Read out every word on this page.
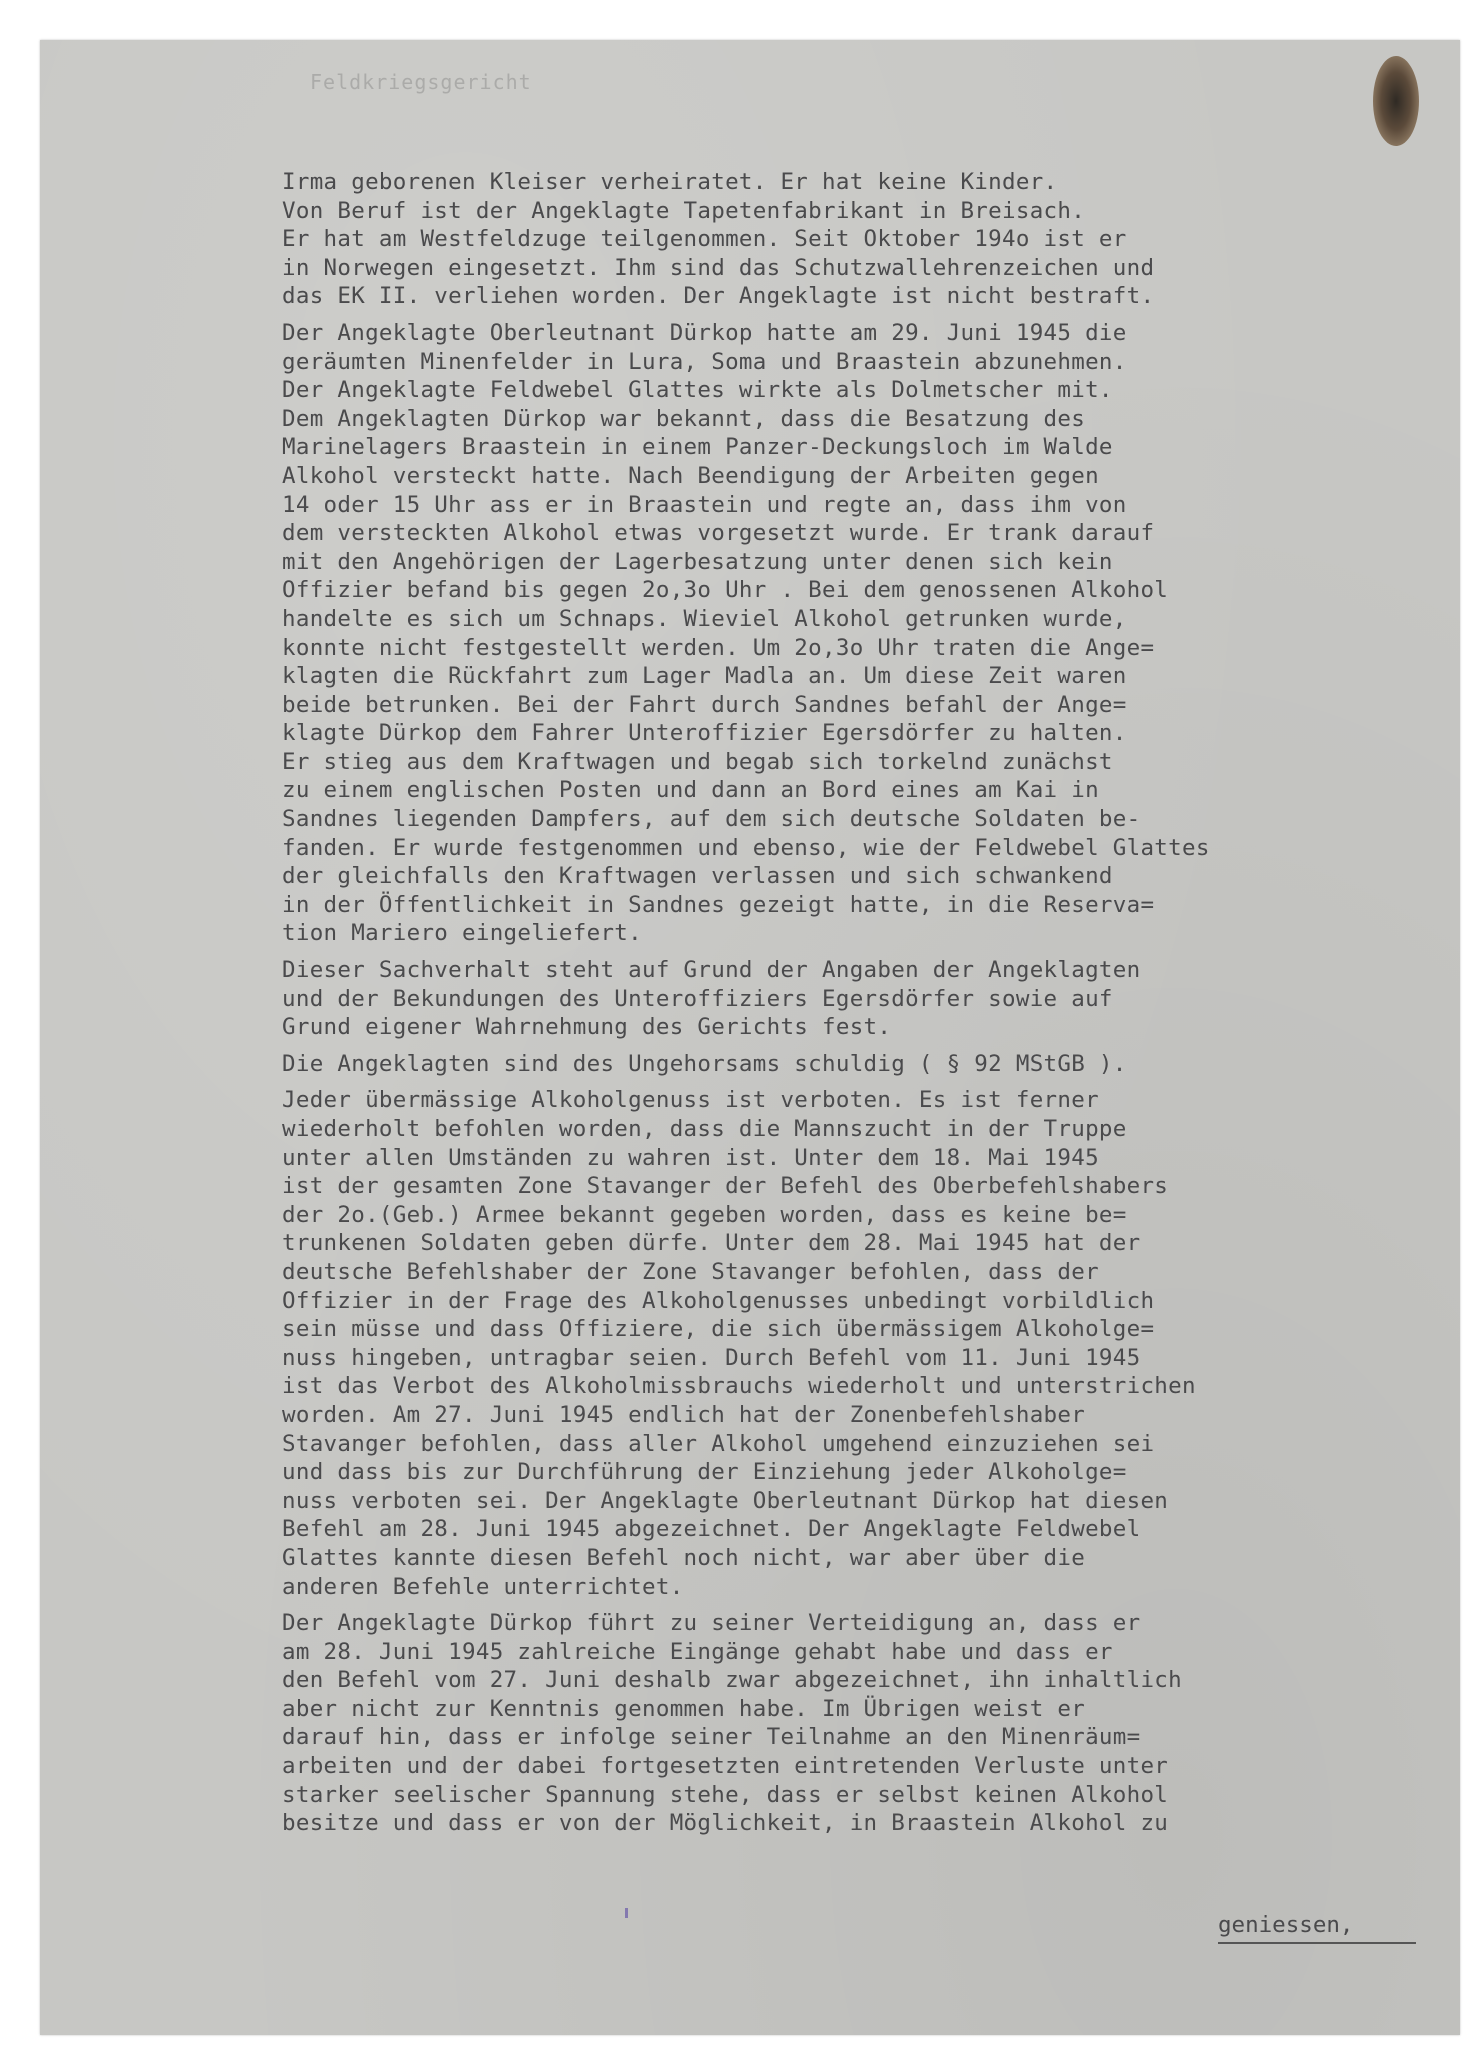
Feldkriegsgericht
Irma geborenen Kleiser verheiratet. Er hat keine Kinder.
Von Beruf ist der Angeklagte Tapetenfabrikant in Breisach.
Er hat am Westfeldzuge teilgenommen. Seit Oktober 194o ist er
in Norwegen eingesetzt. Ihm sind das Schutzwallehrenzeichen und
das EK II. verliehen worden. Der Angeklagte ist nicht bestraft.
Der Angeklagte Oberleutnant Dürkop hatte am 29. Juni 1945 die
geräumten Minenfelder in Lura, Soma und Braastein abzunehmen.
Der Angeklagte Feldwebel Glattes wirkte als Dolmetscher mit.
Dem Angeklagten Dürkop war bekannt, dass die Besatzung des
Marinelagers Braastein in einem Panzer-Deckungsloch im Walde
Alkohol versteckt hatte. Nach Beendigung der Arbeiten gegen
14 oder 15 Uhr ass er in Braastein und regte an, dass ihm von
dem versteckten Alkohol etwas vorgesetzt wurde. Er trank darauf
mit den Angehörigen der Lagerbesatzung unter denen sich kein
Offizier befand bis gegen 2o,3o Uhr . Bei dem genossenen Alkohol
handelte es sich um Schnaps. Wieviel Alkohol getrunken wurde,
konnte nicht festgestellt werden. Um 2o,3o Uhr traten die Ange=
klagten die Rückfahrt zum Lager Madla an. Um diese Zeit waren
beide betrunken. Bei der Fahrt durch Sandnes befahl der Ange=
klagte Dürkop dem Fahrer Unteroffizier Egersdörfer zu halten.
Er stieg aus dem Kraftwagen und begab sich torkelnd zunächst
zu einem englischen Posten und dann an Bord eines am Kai in
Sandnes liegenden Dampfers, auf dem sich deutsche Soldaten be-
fanden. Er wurde festgenommen und ebenso, wie der Feldwebel Glattes
der gleichfalls den Kraftwagen verlassen und sich schwankend
in der Öffentlichkeit in Sandnes gezeigt hatte, in die Reserva=
tion Mariero eingeliefert.
Dieser Sachverhalt steht auf Grund der Angaben der Angeklagten
und der Bekundungen des Unteroffiziers Egersdörfer sowie auf
Grund eigener Wahrnehmung des Gerichts fest.
Die Angeklagten sind des Ungehorsams schuldig ( § 92 MStGB ).
Jeder übermässige Alkoholgenuss ist verboten. Es ist ferner
wiederholt befohlen worden, dass die Mannszucht in der Truppe
unter allen Umständen zu wahren ist. Unter dem 18. Mai 1945
ist der gesamten Zone Stavanger der Befehl des Oberbefehlshabers
der 2o.(Geb.) Armee bekannt gegeben worden, dass es keine be=
trunkenen Soldaten geben dürfe. Unter dem 28. Mai 1945 hat der
deutsche Befehlshaber der Zone Stavanger befohlen, dass der
Offizier in der Frage des Alkoholgenusses unbedingt vorbildlich
sein müsse und dass Offiziere, die sich übermässigem Alkoholge=
nuss hingeben, untragbar seien. Durch Befehl vom 11. Juni 1945
ist das Verbot des Alkoholmissbrauchs wiederholt und unterstrichen
worden. Am 27. Juni 1945 endlich hat der Zonenbefehlshaber
Stavanger befohlen, dass aller Alkohol umgehend einzuziehen sei
und dass bis zur Durchführung der Einziehung jeder Alkoholge=
nuss verboten sei. Der Angeklagte Oberleutnant Dürkop hat diesen
Befehl am 28. Juni 1945 abgezeichnet. Der Angeklagte Feldwebel
Glattes kannte diesen Befehl noch nicht, war aber über die
anderen Befehle unterrichtet.
Der Angeklagte Dürkop führt zu seiner Verteidigung an, dass er
am 28. Juni 1945 zahlreiche Eingänge gehabt habe und dass er
den Befehl vom 27. Juni deshalb zwar abgezeichnet, ihn inhaltlich
aber nicht zur Kenntnis genommen habe. Im Übrigen weist er
darauf hin, dass er infolge seiner Teilnahme an den Minenräum=
arbeiten und der dabei fortgesetzten eintretenden Verluste unter
starker seelischer Spannung stehe, dass er selbst keinen Alkohol
besitze und dass er von der Möglichkeit, in Braastein Alkohol zu
geniessen,
